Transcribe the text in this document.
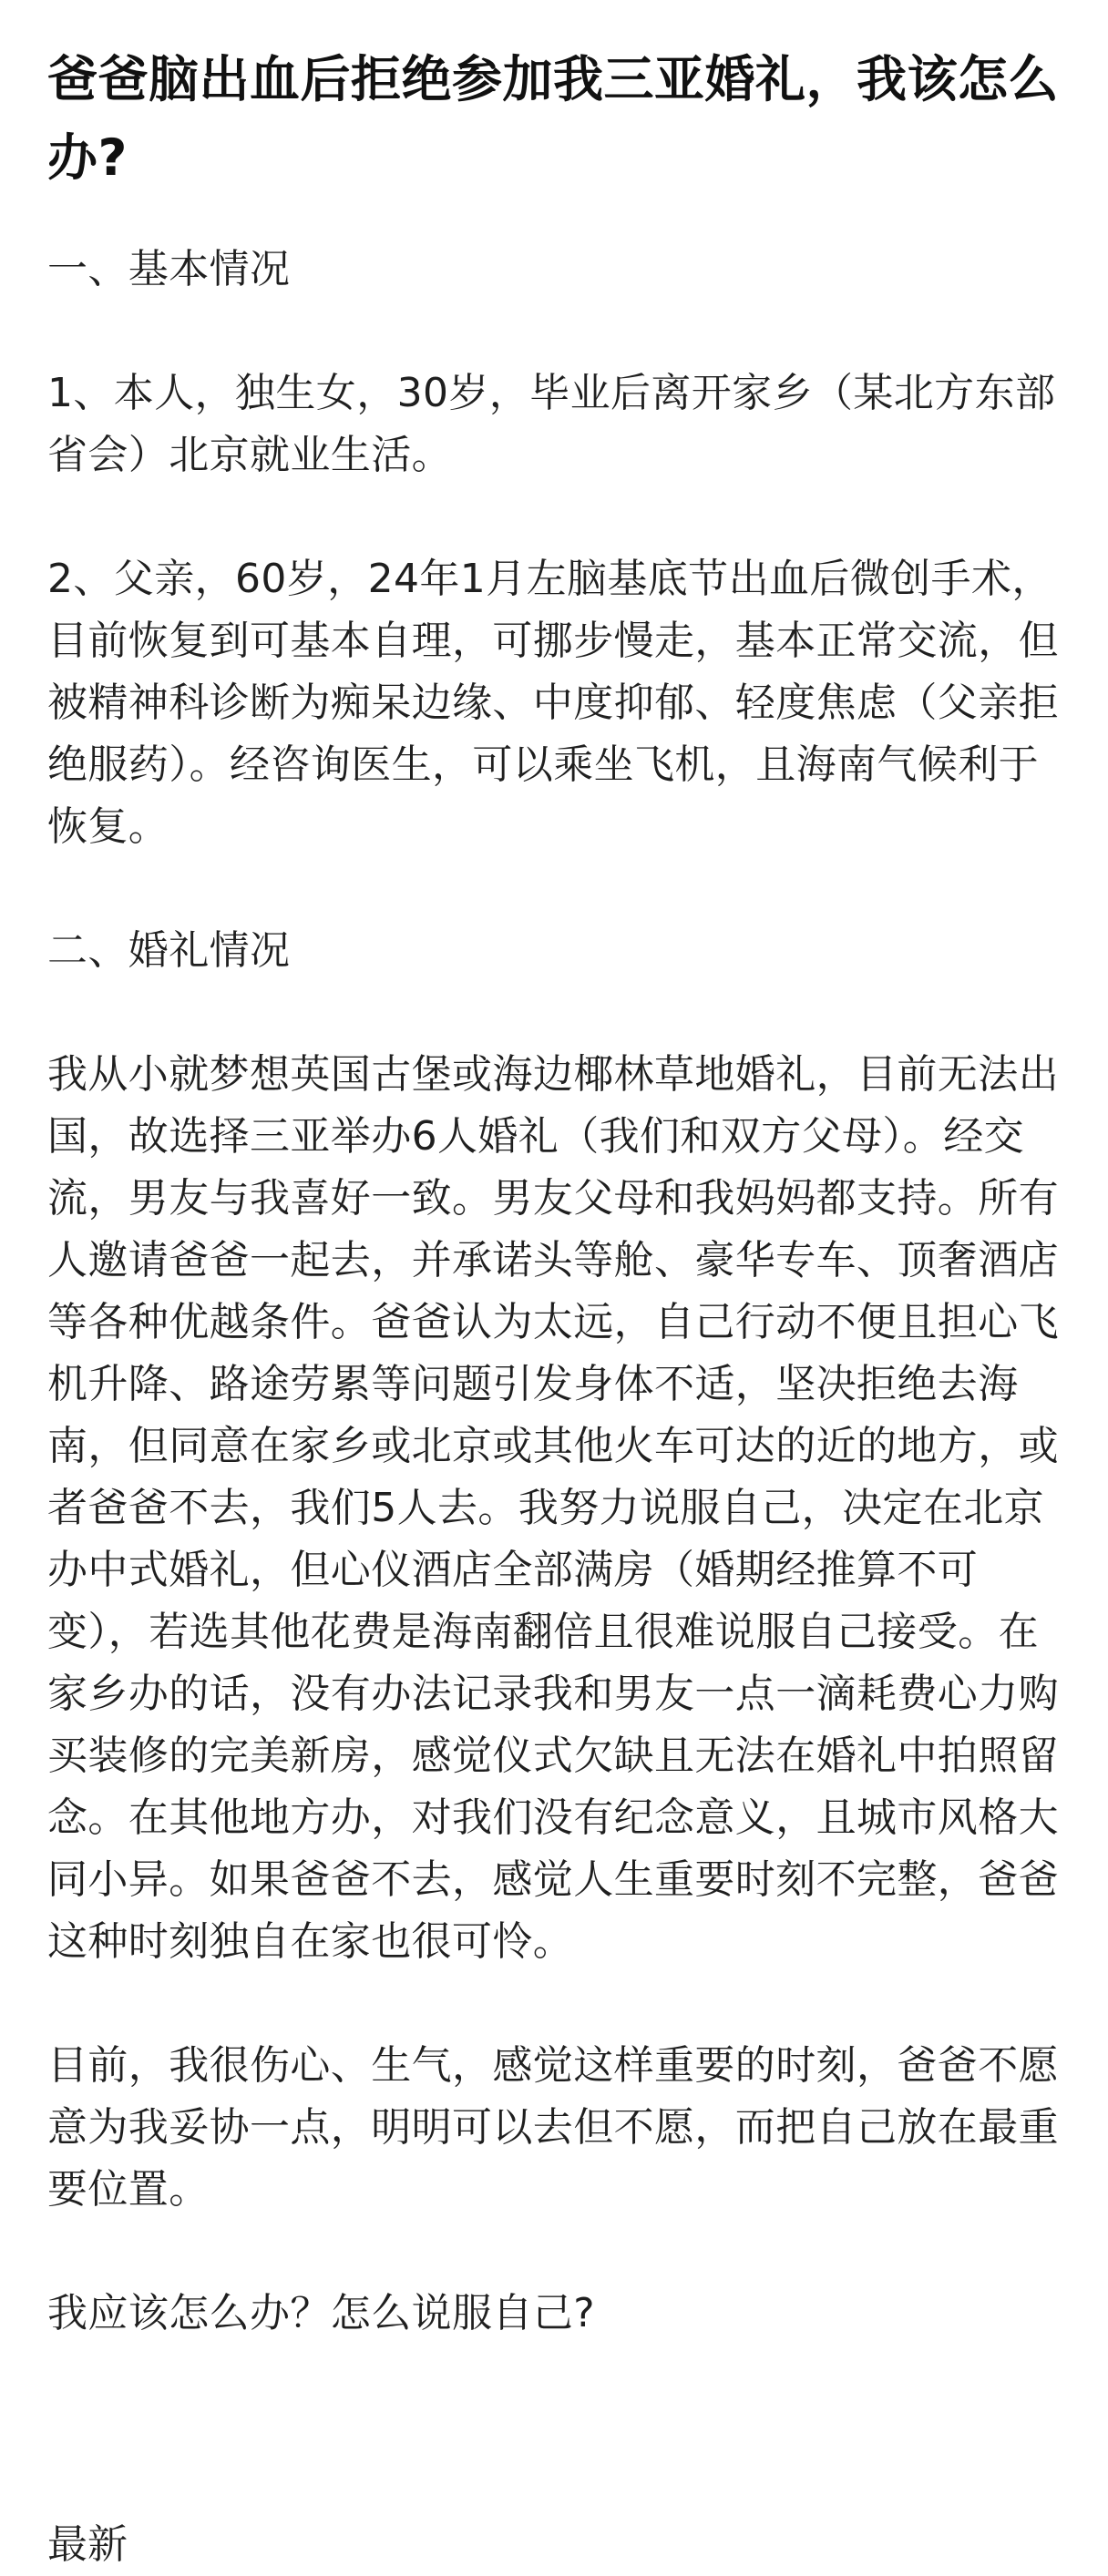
爸爸脑出血后拒绝参加我三亚婚礼，我该怎么办?

一、基本情况

1、本人，独生女，30岁，毕业后离开家乡（某北方东部省会）北京就业生活。

2、父亲，60岁，24年1月左脑基底节出血后微创手术，目前恢复到可基本自理，可挪步慢走，基本正常交流，但被精神科诊断为痴呆边缘、中度抑郁、轻度焦虑（父亲拒绝服药）。经咨询医生，可以乘坐飞机，且海南气候利于恢复。

二、婚礼情况

我从小就梦想英国古堡或海边椰林草地婚礼，目前无法出国，故选择三亚举办6人婚礼（我们和双方父母）。经交流，男友与我喜好一致。男友父母和我妈妈都支持。所有人邀请爸爸一起去，并承诺头等舱、豪华专车、顶奢酒店等各种优越条件。爸爸认为太远，自己行动不便且担心飞机升降、路途劳累等问题引发身体不适，坚决拒绝去海南，但同意在家乡或北京或其他火车可达的近的地方，或者爸爸不去，我们5人去。我努力说服自己，决定在北京办中式婚礼，但心仪酒店全部满房（婚期经推算不可变），若选其他花费是海南翻倍且很难说服自己接受。在家乡办的话，没有办法记录我和男友一点一滴耗费心力购买装修的完美新房，感觉仪式欠缺且无法在婚礼中拍照留念。在其他地方办，对我们没有纪念意义，且城市风格大同小异。如果爸爸不去，感觉人生重要时刻不完整，爸爸这种时刻独自在家也很可怜。

目前，我很伤心、生气，感觉这样重要的时刻，爸爸不愿意为我妥协一点，明明可以去但不愿，而把自己放在最重要位置。

我应该怎么办？怎么说服自己?

最新
